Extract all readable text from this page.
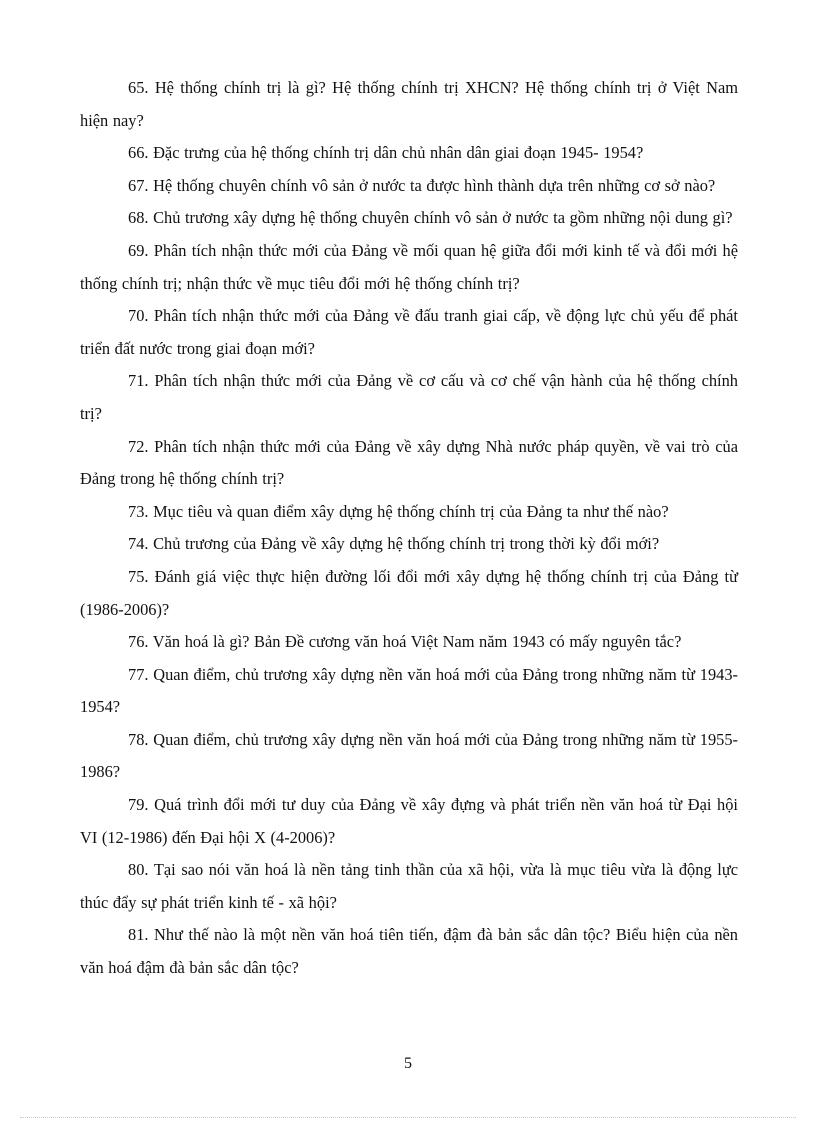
65. Hệ thống chính trị là gì? Hệ thống chính trị XHCN? Hệ thống chính trị ở Việt Nam hiện nay?

66. Đặc trưng của hệ thống chính trị dân chủ nhân dân giai đoạn 1945- 1954?

67. Hệ thống chuyên chính vô sản ở nước ta được hình thành dựa trên những cơ sở nào?

68. Chủ trương xây dựng hệ thống chuyên chính vô sản ở nước ta gồm những nội dung gì?

69. Phân tích nhận thức mới của Đảng về mối quan hệ giữa đổi mới kinh tế và đổi mới hệ thống chính trị; nhận thức về mục tiêu đổi mới hệ thống chính trị?

70. Phân tích nhận thức mới của Đảng về đấu tranh giai cấp, về động lực chủ yếu để phát triển đất nước trong giai đoạn mới?

71. Phân tích nhận thức mới của Đảng về cơ cấu và cơ chế vận hành của hệ thống chính trị?

72. Phân tích nhận thức mới của Đảng về xây dựng Nhà nước pháp quyền, về vai trò của Đảng trong hệ thống chính trị?

73. Mục tiêu và quan điểm xây dựng hệ thống chính trị của Đảng ta như thế nào?

74. Chủ trương của Đảng về xây dựng hệ thống chính trị trong thời kỳ đổi mới?

75. Đánh giá việc thực hiện đường lối đổi mới xây dựng hệ thống chính trị của Đảng từ (1986-2006)?

76. Văn hoá là gì? Bản Đề cương văn hoá Việt Nam năm 1943 có mấy nguyên tắc?

77. Quan điểm, chủ trương xây dựng nền văn hoá mới của Đảng trong những năm từ 1943- 1954?

78. Quan điểm, chủ trương xây dựng nền văn hoá mới của Đảng trong những năm từ 1955- 1986?

79. Quá trình đổi mới tư duy của Đảng về xây đựng và phát triển nền văn hoá từ Đại hội VI (12-1986) đến Đại hội X (4-2006)?

80. Tại sao nói văn hoá là nền tảng tinh thần của xã hội, vừa là mục tiêu vừa là động lực thúc đẩy sự phát triển kinh tế - xã hội?

81. Như thế nào là một nền văn hoá tiên tiến, đậm đà bản sắc dân tộc? Biểu hiện của nền văn hoá đậm đà bản sắc dân tộc?

5
